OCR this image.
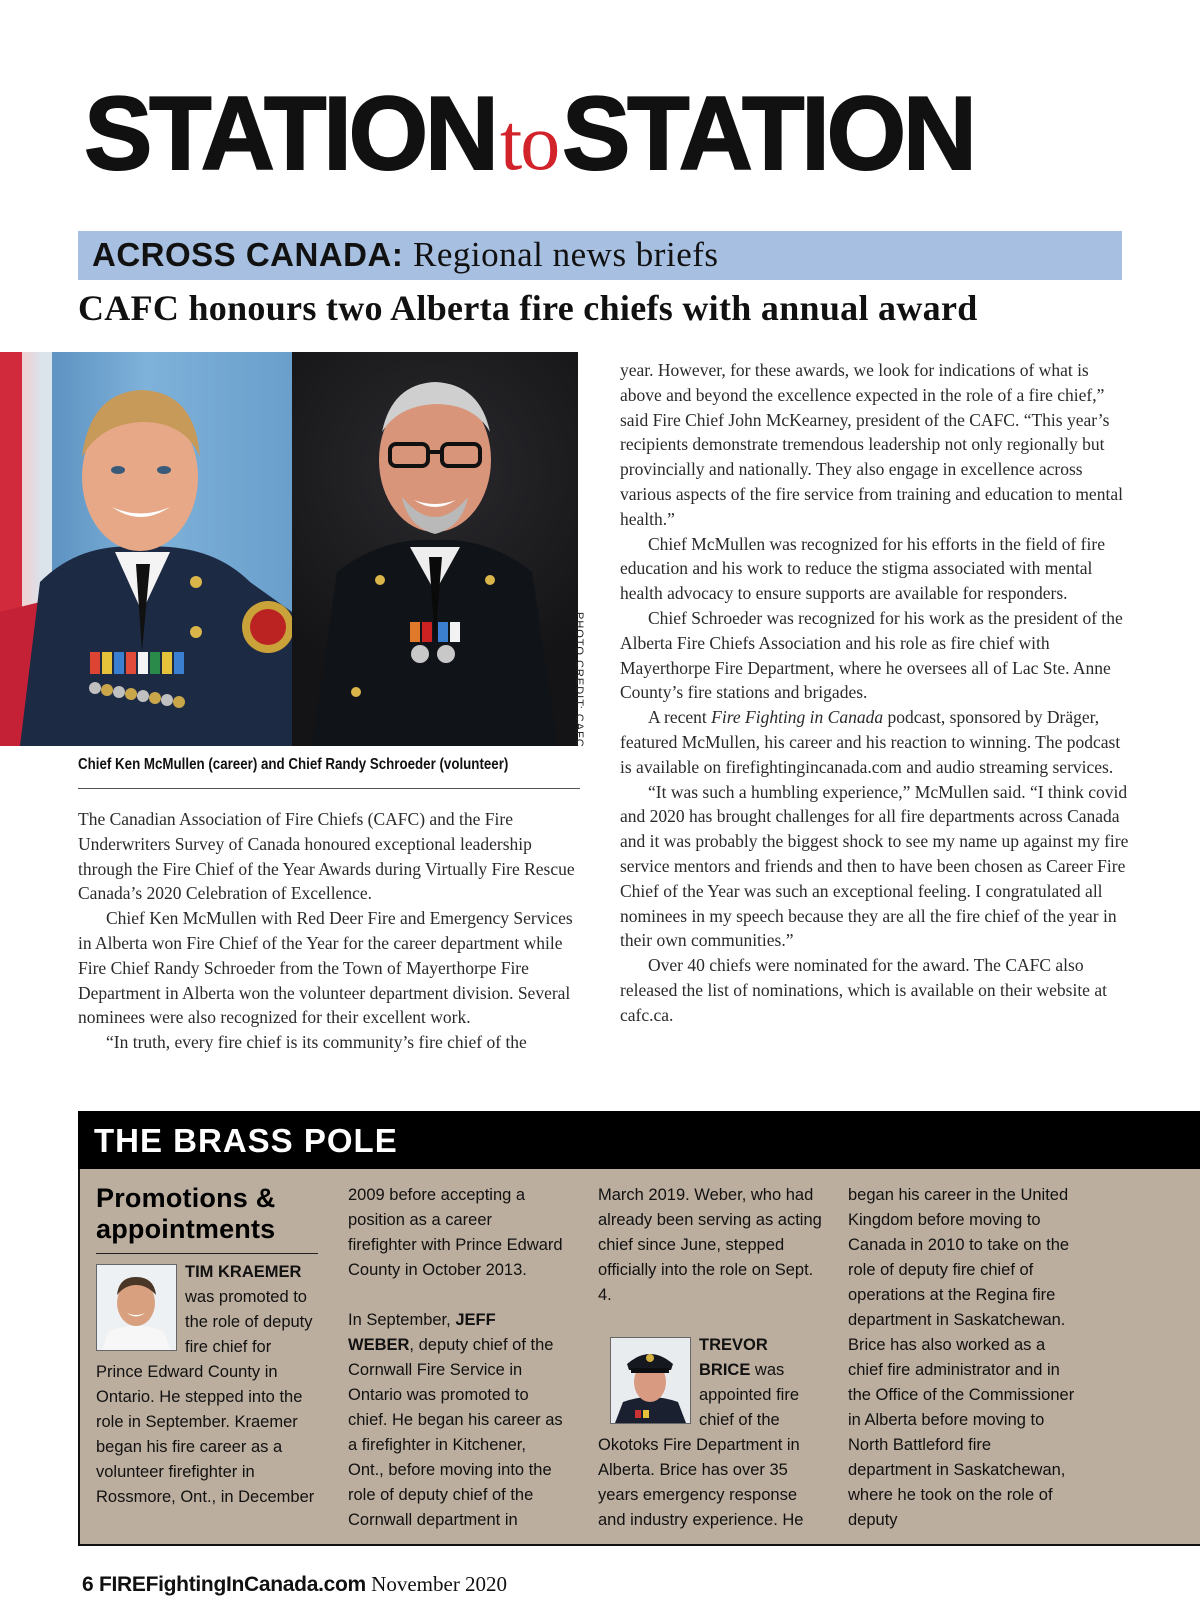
STATIONtoSTATION
ACROSS CANADA: Regional news briefs
CAFC honours two Alberta fire chiefs with annual award
PHOTO CREDIT: CAFC
Chief Ken McMullen (career) and Chief Randy Schroeder (volunteer)

The Canadian Association of Fire Chiefs (CAFC) and the Fire Underwriters Survey of Canada honoured exceptional leadership through the Fire Chief of the Year Awards during Virtually Fire Rescue Canada’s 2020 Celebration of Excellence.

Chief Ken McMullen with Red Deer Fire and Emergency Services in Alberta won Fire Chief of the Year for the career department while Fire Chief Randy Schroeder from the Town of Mayerthorpe Fire Department in Alberta won the volunteer department division. Several nominees were also recognized for their excellent work.

“In truth, every fire chief is its community’s fire chief of the

year. However, for these awards, we look for indications of what is above and beyond the excellence expected in the role of a fire chief,” said Fire Chief John McKearney, president of the CAFC. “This year’s recipients demonstrate tremendous leadership not only regionally but provincially and nationally. They also engage in excellence across various aspects of the fire service from training and education to mental health.”

Chief McMullen was recognized for his efforts in the field of fire education and his work to reduce the stigma associated with mental health advocacy to ensure supports are available for responders.

Chief Schroeder was recognized for his work as the president of the Alberta Fire Chiefs Association and his role as fire chief with Mayerthorpe Fire Department, where he oversees all of Lac Ste. Anne County’s fire stations and brigades.

A recent Fire Fighting in Canada podcast, sponsored by Dräger, featured McMullen, his career and his reaction to winning. The podcast is available on firefightingincanada.com and audio streaming services.

“It was such a humbling experience,” McMullen said. “I think covid and 2020 has brought challenges for all fire departments across Canada and it was probably the biggest shock to see my name up against my fire service mentors and friends and then to have been chosen as Career Fire Chief of the Year was such an exceptional feeling. I congratulated all nominees in my speech because they are all the fire chief of the year in their own communities.”

Over 40 chiefs were nominated for the award. The CAFC also released the list of nominations, which is available on their website at cafc.ca.

THE BRASS POLE
Promotions & appointments

TIM KRAEMER was promoted to the role of deputy fire chief for Prince Edward County in Ontario. He stepped into the role in September. Kraemer began his fire career as a volunteer firefighter in Rossmore, Ont., in December

2009 before accepting a position as a career firefighter with Prince Edward County in October 2013.

In September, JEFF WEBER, deputy chief of the Cornwall Fire Service in Ontario was promoted to chief. He began his career as a firefighter in Kitchener, Ont., before moving into the role of deputy chief of the Cornwall department in

March 2019. Weber, who had already been serving as acting chief since June, stepped officially into the role on Sept. 4.

TREVOR BRICE was appointed fire chief of the Okotoks Fire Department in Alberta. Brice has over 35 years emergency response and industry experience. He

began his career in the United Kingdom before moving to Canada in 2010 to take on the role of deputy fire chief of operations at the Regina fire department in Saskatchewan. Brice has also worked as a chief fire administrator and in the Office of the Commissioner in Alberta before moving to North Battleford fire department in Saskatchewan, where he took on the role of deputy

6 FIREFightingInCanada.com November 2020
